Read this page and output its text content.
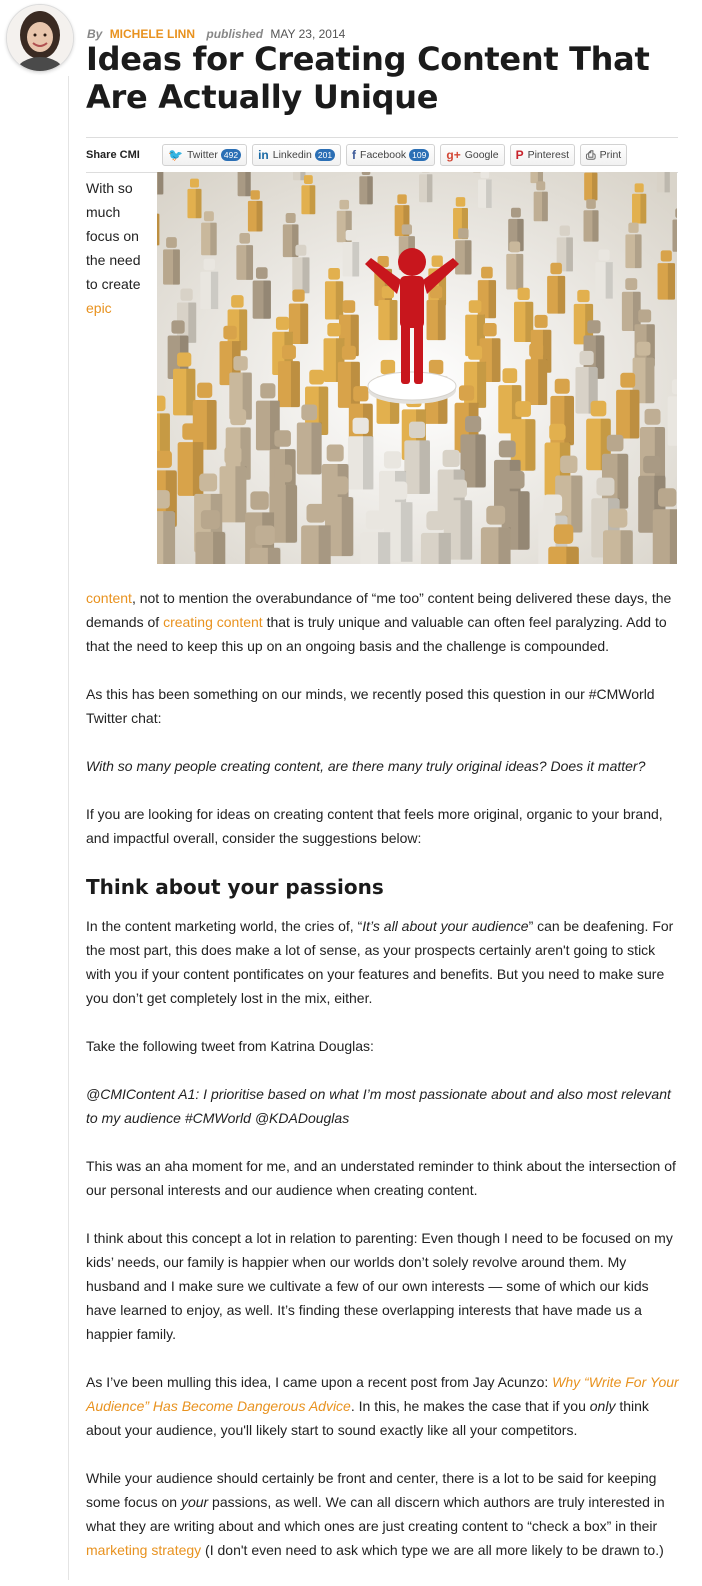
By MICHELE LINN published MAY 23, 2014
Ideas for Creating Content That Are Actually Unique
Share CMI	🐦 Twitter 492 in Linkedin 201 f Facebook 109 g+ Google P Pinterest ⎙ Print
With so much focus on the need to create epic

content, not to mention the overabundance of “me too” content being delivered these days, the demands of creating content that is truly unique and valuable can often feel paralyzing. Add to that the need to keep this up on an ongoing basis and the challenge is compounded.

As this has been something on our minds, we recently posed this question in our #CMWorld Twitter chat:

With so many people creating content, are there many truly original ideas? Does it matter?

If you are looking for ideas on creating content that feels more original, organic to your brand, and impactful overall, consider the suggestions below:

Think about your passions

In the content marketing world, the cries of, “It’s all about your audience” can be deafening. For the most part, this does make a lot of sense, as your prospects certainly aren't going to stick with you if your content pontificates on your features and benefits. But you need to make sure you don’t get completely lost in the mix, either.

Take the following tweet from Katrina Douglas:

@CMIContent A1: I prioritise based on what I’m most passionate about and also most relevant to my audience #CMWorld @KDADouglas

This was an aha moment for me, and an understated reminder to think about the intersection of our personal interests and our audience when creating content.

I think about this concept a lot in relation to parenting: Even though I need to be focused on my kids’ needs, our family is happier when our worlds don’t solely revolve around them. My husband and I make sure we cultivate a few of our own interests — some of which our kids have learned to enjoy, as well. It’s finding these overlapping interests that have made us a happier family.

As I’ve been mulling this idea, I came upon a recent post from Jay Acunzo: Why “Write For Your Audience” Has Become Dangerous Advice. In this, he makes the case that if you only think about your audience, you'll likely start to sound exactly like all your competitors.

While your audience should certainly be front and center, there is a lot to be said for keeping some focus on your passions, as well. We can all discern which authors are truly interested in what they are writing about and which ones are just creating content to “check a box” in their marketing strategy (I don't even need to ask which type we are all more likely to be drawn to.)
